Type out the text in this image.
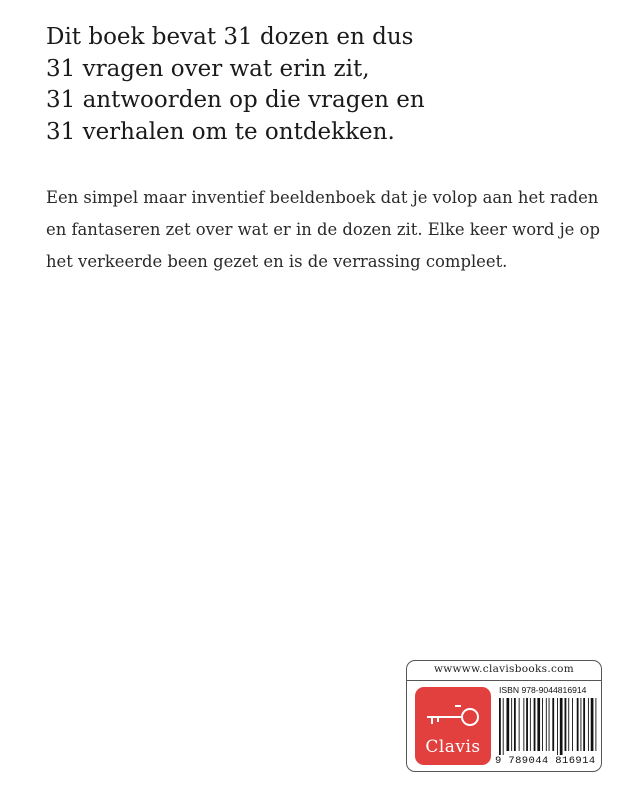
Dit boek bevat 31 dozen en dus
31 vragen over wat erin zit,
31 antwoorden op die vragen en
31 verhalen om te ontdekken.
Een simpel maar inventief beeldenboek dat je volop aan het raden
en fantaseren zet over wat er in de dozen zit. Elke keer word je op
het verkeerde been gezet en is de verrassing compleet.
wwwww.clavisbooks.com
Clavis
ISBN 978-9044816914
9 789044 816914
